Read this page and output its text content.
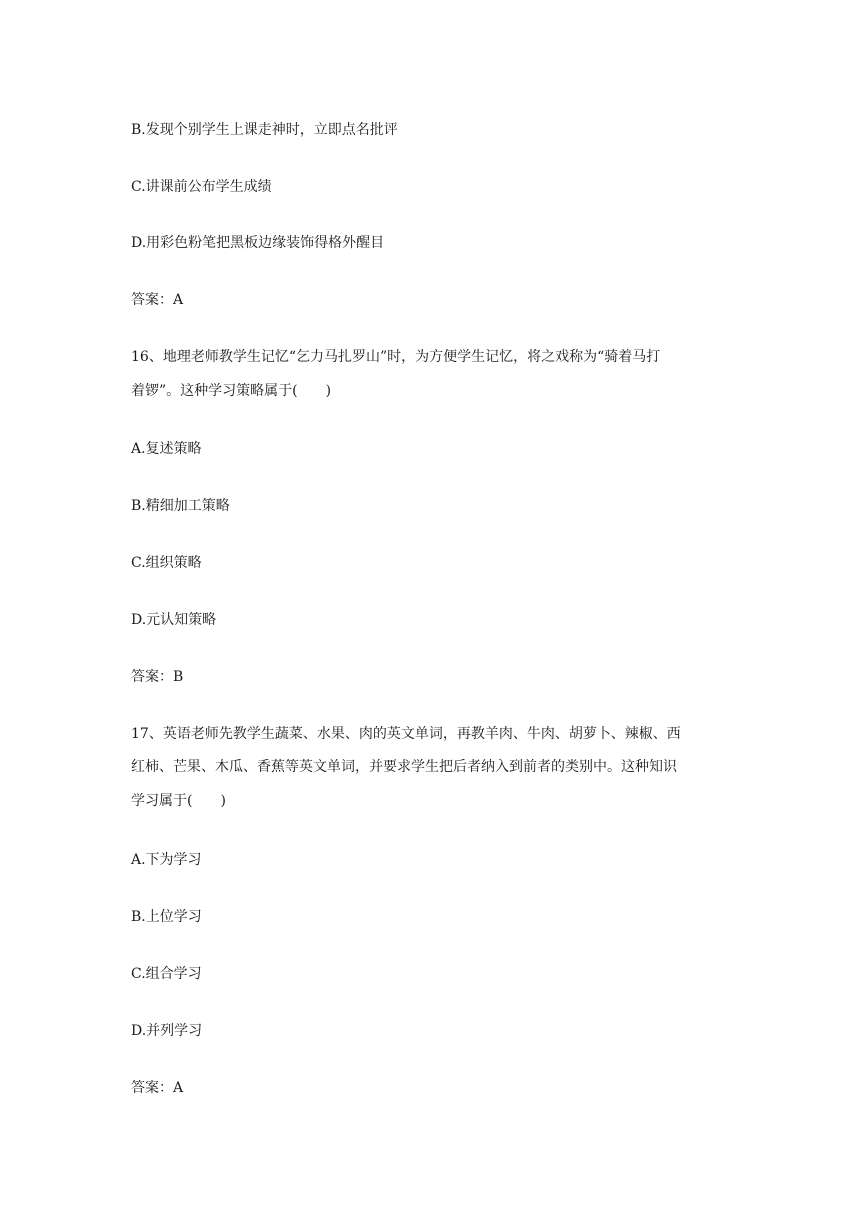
B.发现个别学生上课走神时，立即点名批评
C.讲课前公布学生成绩
D.用彩色粉笔把黑板边缘装饰得格外醒目
答案：A
16、地理老师教学生记忆“乞力马扎罗山”时，为方便学生记忆，将之戏称为“骑着马打
着锣”。这种学习策略属于(　　)
A.复述策略
B.精细加工策略
C.组织策略
D.元认知策略
答案：B
17、英语老师先教学生蔬菜、水果、肉的英文单词，再教羊肉、牛肉、胡萝卜、辣椒、西
红柿、芒果、木瓜、香蕉等英文单词，并要求学生把后者纳入到前者的类别中。这种知识
学习属于(　　)
A.下为学习
B.上位学习
C.组合学习
D.并列学习
答案：A
